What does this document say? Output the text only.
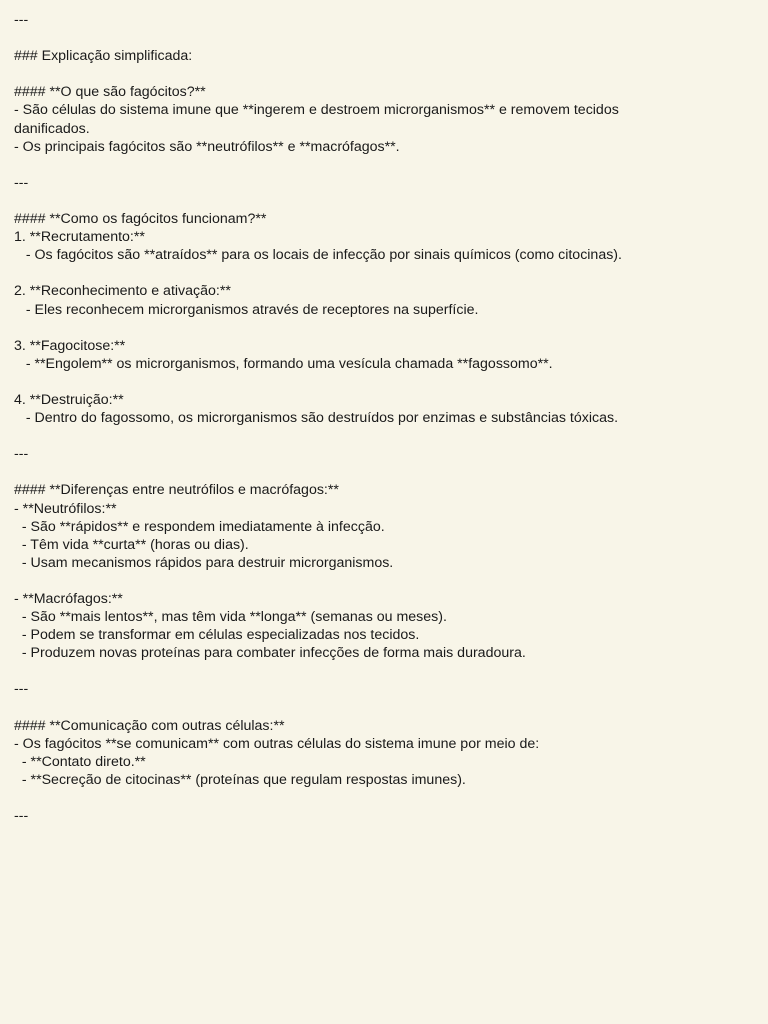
---
### Explicação simplificada:
#### **O que são fagócitos?**
- São células do sistema imune que **ingerem e destroem microrganismos** e removem tecidos
danificados.
- Os principais fagócitos são **neutrófilos** e **macrófagos**.
---
#### **Como os fagócitos funcionam?**
1. **Recrutamento:**
- Os fagócitos são **atraídos** para os locais de infecção por sinais químicos (como citocinas).
2. **Reconhecimento e ativação:**
- Eles reconhecem microrganismos através de receptores na superfície.
3. **Fagocitose:**
- **Engolem** os microrganismos, formando uma vesícula chamada **fagossomo**.
4. **Destruição:**
- Dentro do fagossomo, os microrganismos são destruídos por enzimas e substâncias tóxicas.
---
#### **Diferenças entre neutrófilos e macrófagos:**
- **Neutrófilos:**
- São **rápidos** e respondem imediatamente à infecção.
- Têm vida **curta** (horas ou dias).
- Usam mecanismos rápidos para destruir microrganismos.
- **Macrófagos:**
- São **mais lentos**, mas têm vida **longa** (semanas ou meses).
- Podem se transformar em células especializadas nos tecidos.
- Produzem novas proteínas para combater infecções de forma mais duradoura.
---
#### **Comunicação com outras células:**
- Os fagócitos **se comunicam** com outras células do sistema imune por meio de:
- **Contato direto.**
- **Secreção de citocinas** (proteínas que regulam respostas imunes).
---
